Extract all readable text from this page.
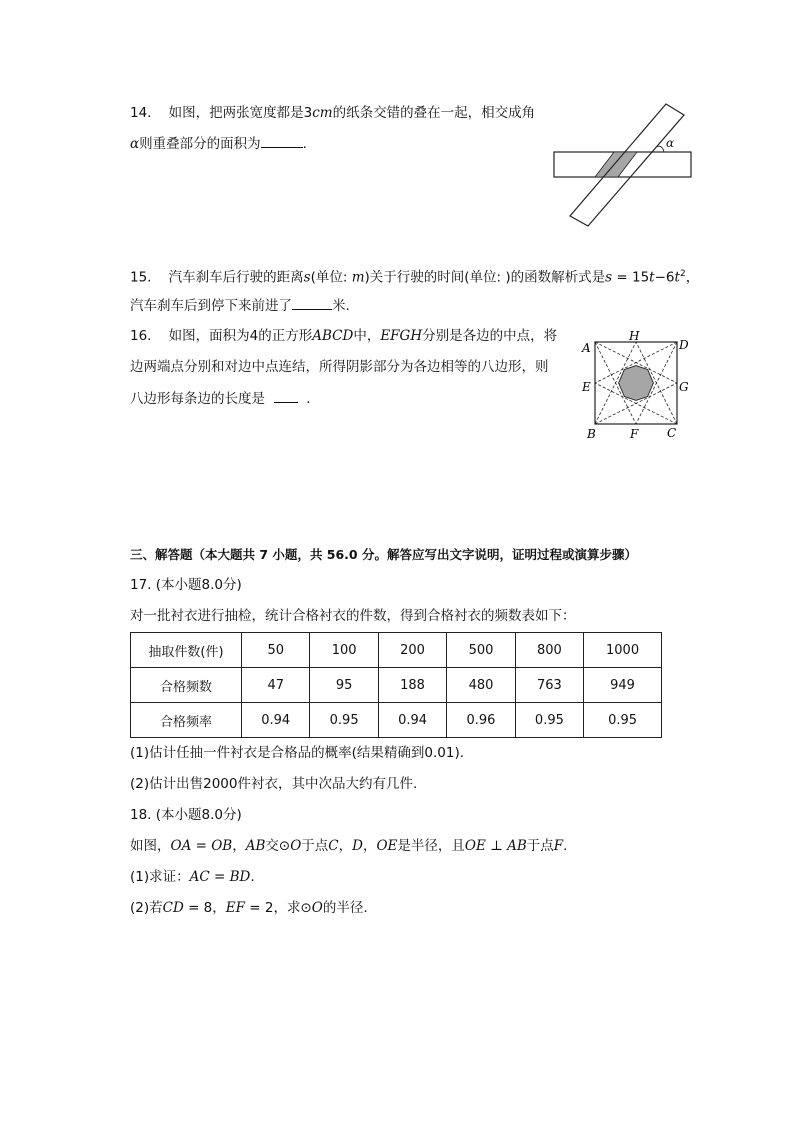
14. 如图，把两张宽度都是3cm的纸条交错的叠在一起，相交成角
α则重叠部分的面积为	.	α
15. 汽车刹车后行驶的距离s(单位: m)关于行驶的时间(单位: )的函数解析式是$s = 15t-6t^2$，
汽车刹车后到停下来前进了	米.
16. 如图，面积为4的正方形ABCD中，EFGH分别是各边的中点，将
边两端点分别和对边中点连结，所得阴影部分为各边相等的八边形，则
八边形每条边的长度是	.
A
E
B	F C
G
D
H
三、解答题（本大题共 7 小题，共 56.0 分。解答应写出文字说明，证明过程或演算步骤）
17. (本小题8.0分)
对一批衬衣进行抽检，统计合格衬衣的件数，得到合格衬衣的频数表如下：
抽取件数(件)	50	100	200	500	800	1000
合格频数	47	95	188	480	763	949
合格频率	0.94	0.95	0.94	0.96	0.95	0.95
(1)估计任抽一件衬衣是合格品的概率(结果精确到0.01).
(2)估计出售2000件衬衣，其中次品大约有几件.
18. (本小题8.0分)
如图，OA = OB，AB交⊙O于点C，D，OE是半径，且OE ⊥ AB于点F.
(1)求证：AC = BD.
(2)若CD = 8，EF = 2，求⊙O的半径.
